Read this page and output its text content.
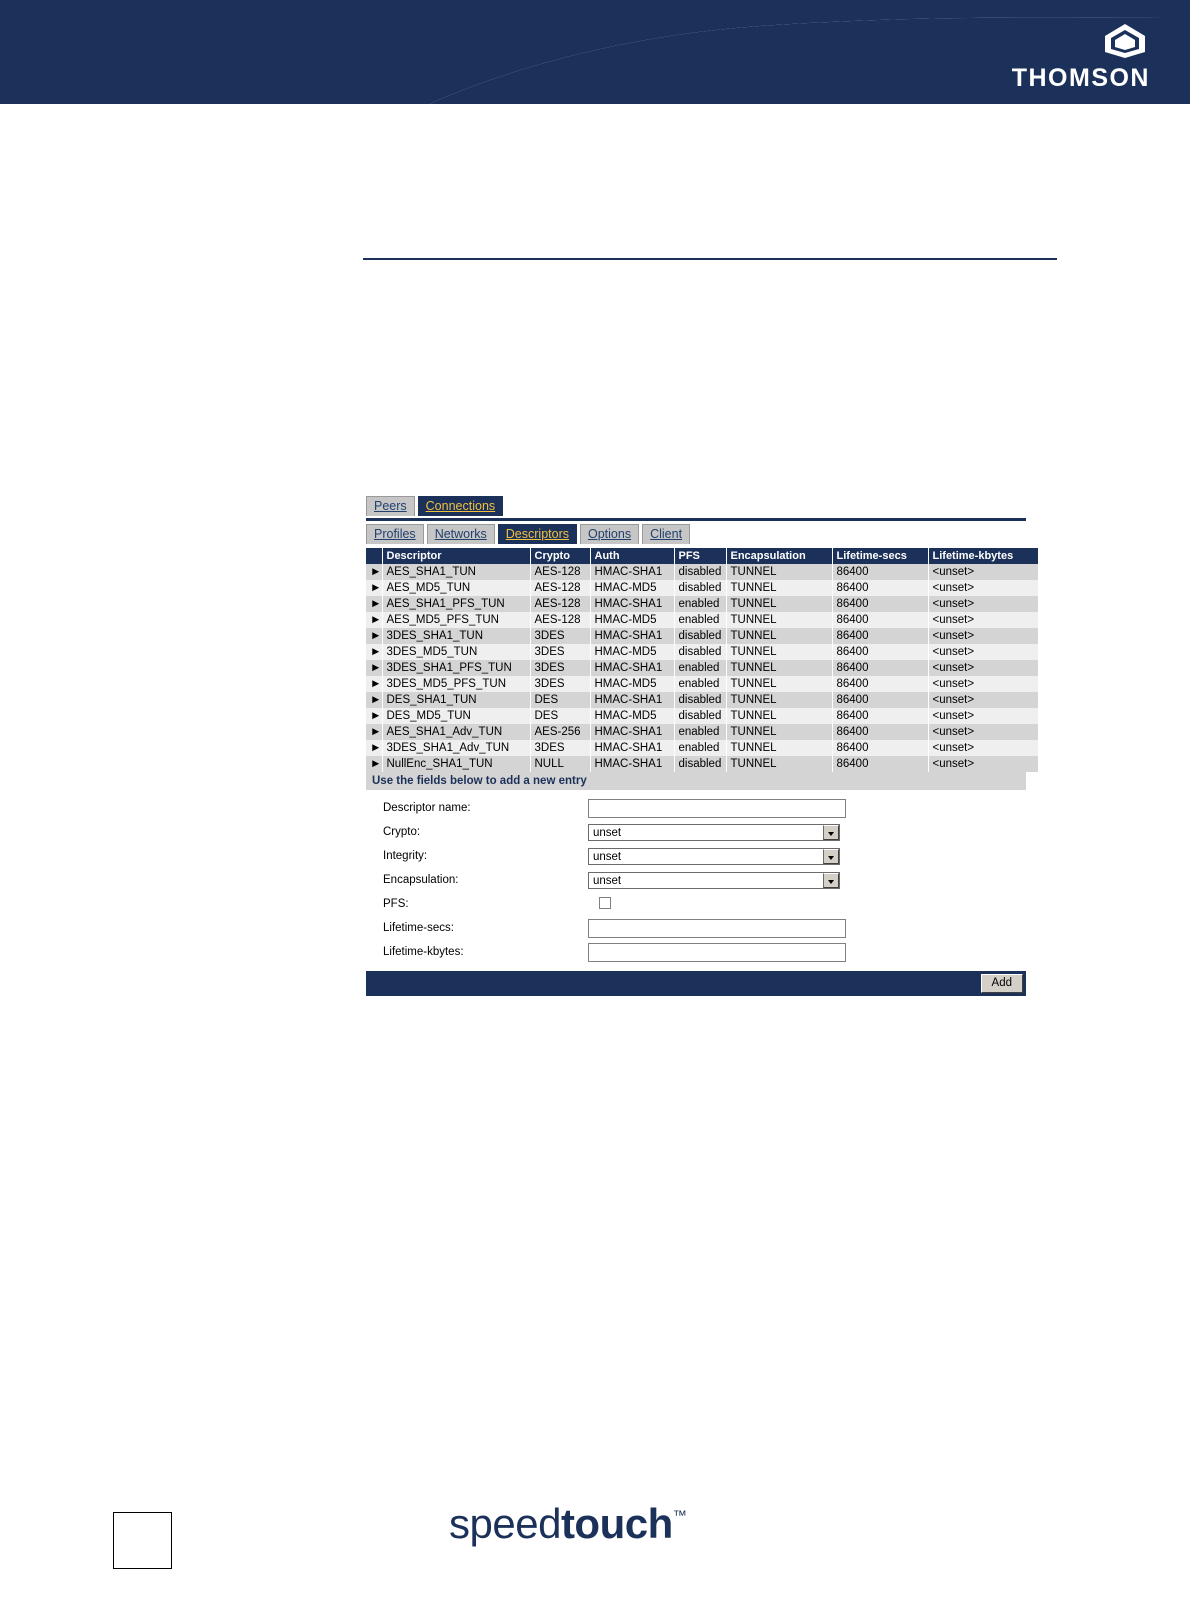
THOMSON
Peers	Connections
Profiles	Networks	Descriptors	Options	Client
	Descriptor	Crypto	Auth	PFS	Encapsulation	Lifetime-secs	Lifetime-kbytes
►	AES_SHA1_TUN	AES-128	HMAC-SHA1	disabled	TUNNEL	86400	<unset>
►	AES_MD5_TUN	AES-128	HMAC-MD5	disabled	TUNNEL	86400	<unset>
►	AES_SHA1_PFS_TUN	AES-128	HMAC-SHA1	enabled	TUNNEL	86400	<unset>
►	AES_MD5_PFS_TUN	AES-128	HMAC-MD5	enabled	TUNNEL	86400	<unset>
►	3DES_SHA1_TUN	3DES	HMAC-SHA1	disabled	TUNNEL	86400	<unset>
►	3DES_MD5_TUN	3DES	HMAC-MD5	disabled	TUNNEL	86400	<unset>
►	3DES_SHA1_PFS_TUN	3DES	HMAC-SHA1	enabled	TUNNEL	86400	<unset>
►	3DES_MD5_PFS_TUN	3DES	HMAC-MD5	enabled	TUNNEL	86400	<unset>
►	DES_SHA1_TUN	DES	HMAC-SHA1	disabled	TUNNEL	86400	<unset>
►	DES_MD5_TUN	DES	HMAC-MD5	disabled	TUNNEL	86400	<unset>
►	AES_SHA1_Adv_TUN	AES-256	HMAC-SHA1	enabled	TUNNEL	86400	<unset>
►	3DES_SHA1_Adv_TUN	3DES	HMAC-SHA1	enabled	TUNNEL	86400	<unset>
►	NullEnc_SHA1_TUN	NULL	HMAC-SHA1	disabled	TUNNEL	86400	<unset>
Use the fields below to add a new entry
Descriptor name:
Crypto:	unset
Integrity:	unset
Encapsulation:	unset
PFS:
Lifetime-secs:
Lifetime-kbytes:
Add
speedtouch™
